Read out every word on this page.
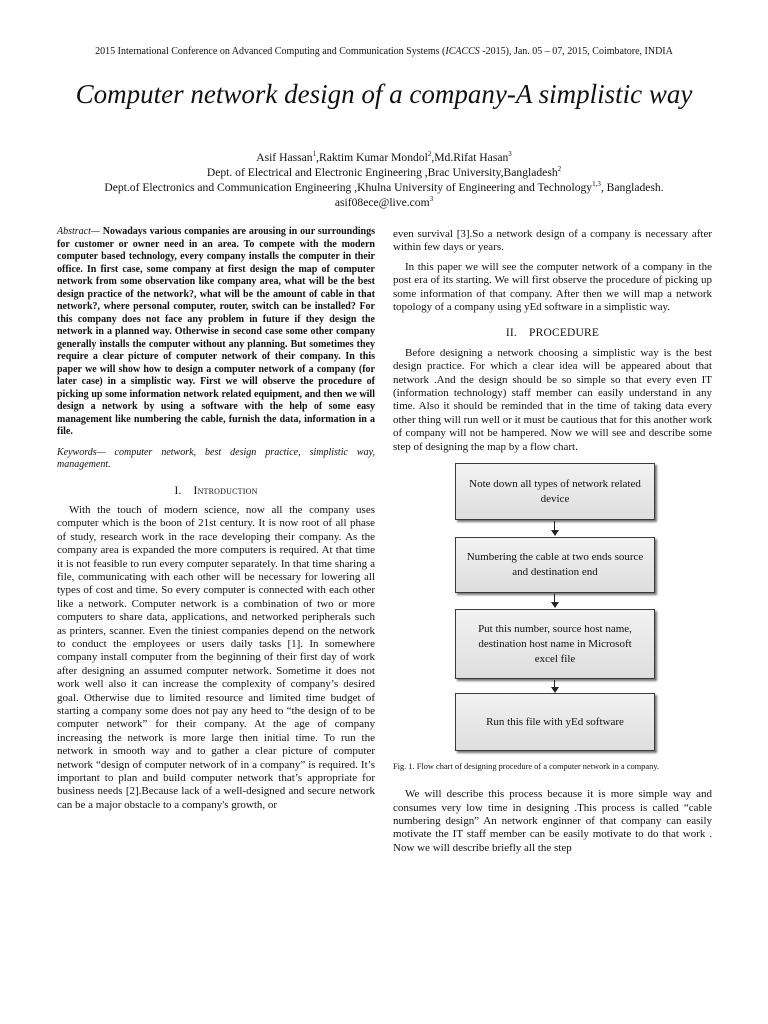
2015 International Conference on Advanced Computing and Communication Systems (ICACCS -2015), Jan. 05 – 07, 2015, Coimbatore, INDIA
Computer network design of a company-A simplistic way
Asif Hassan$^1$,Raktim Kumar Mondol$^2$,Md.Rifat Hasan$^3$
Dept. of Electrical and Electronic Engineering ,Brac University,Bangladesh$^2$
Dept.of Electronics and Communication Engineering ,Khulna University of Engineering and Technology$^{1,3}$, Bangladesh.
asif08ece@live.com$^3$

Abstract— Nowadays various companies are arousing in our surroundings for customer or owner need in an area. To compete with the modern computer based technology, every company installs the computer in their office. In first case, some company at first design the map of computer network from some observation like company area, what will be the best design practice of the network?, what will be the amount of cable in that network?, where personal computer, router, switch can be installed? For this company does not face any problem in future if they design the network in a planned way. Otherwise in second case some other company generally installs the computer without any planning. But sometimes they require a clear picture of computer network of their company. In this paper we will show how to design a computer network of a company (for later case) in a simplistic way. First we will observe the procedure of picking up some information network related equipment, and then we will design a network by using a software with the help of some easy management like numbering the cable, furnish the data, information in a file.

Keywords— computer network, best design practice, simplistic way, management.

I. Introduction

With the touch of modern science, now all the company uses computer which is the boon of 21st century. It is now root of all phase of study, research work in the race developing their company. As the company area is expanded the more computers is required. At that time it is not feasible to run every computer separately. In that time sharing a file, communicating with each other will be necessary for lowering all types of cost and time. So every computer is connected with each other like a network. Computer network is a combination of two or more computers to share data, applications, and networked peripherals such as printers, scanner. Even the tiniest companies depend on the network to conduct the employees or users daily tasks [1]. In somewhere company install computer from the beginning of their first day of work after designing an assumed computer network. Sometime it does not work well also it can increase the complexity of company’s desired goal. Otherwise due to limited resource and limited time budget of starting a company some does not pay any heed to “the design of to be computer network” for their company. At the age of company increasing the network is more large then initial time. To run the network in smooth way and to gather a clear picture of computer network “design of computer network of in a company” is required. It’s important to plan and build computer network that’s appropriate for business needs [2].Because lack of a well-designed and secure network can be a major obstacle to a company's growth, or

even survival [3].So a network design of a company is necessary after within few days or years.

In this paper we will see the computer network of a company in the post era of its starting. We will first observe the procedure of picking up some information of that company. After then we will map a network topology of a company using yEd software in a simplistic way.

II. PROCEDURE

Before designing a network choosing a simplistic way is the best design practice. For which a clear idea will be appeared about that network .And the design should be so simple so that every even IT (information technology) staff member can easily understand in any time. Also it should be reminded that in the time of taking data every other thing will run well or it must be cautious that for this another work of company will not be hampered. Now we will see and describe some step of designing the map by a flow chart.

Note down all types of network related device
Numbering the cable at two ends source and destination end
Put this number, source host name, destination host name in Microsoft excel file
Run this file with yEd software

Fig. 1. Flow chart of designing procedure of a computer network in a company.

We will describe this process because it is more simple way and consumes very low time in designing .This process is called “cable numbering design” An network enginner of that company can easily motivate the IT staff member can be easily motivate to do that work . Now we will describe briefly all the step
